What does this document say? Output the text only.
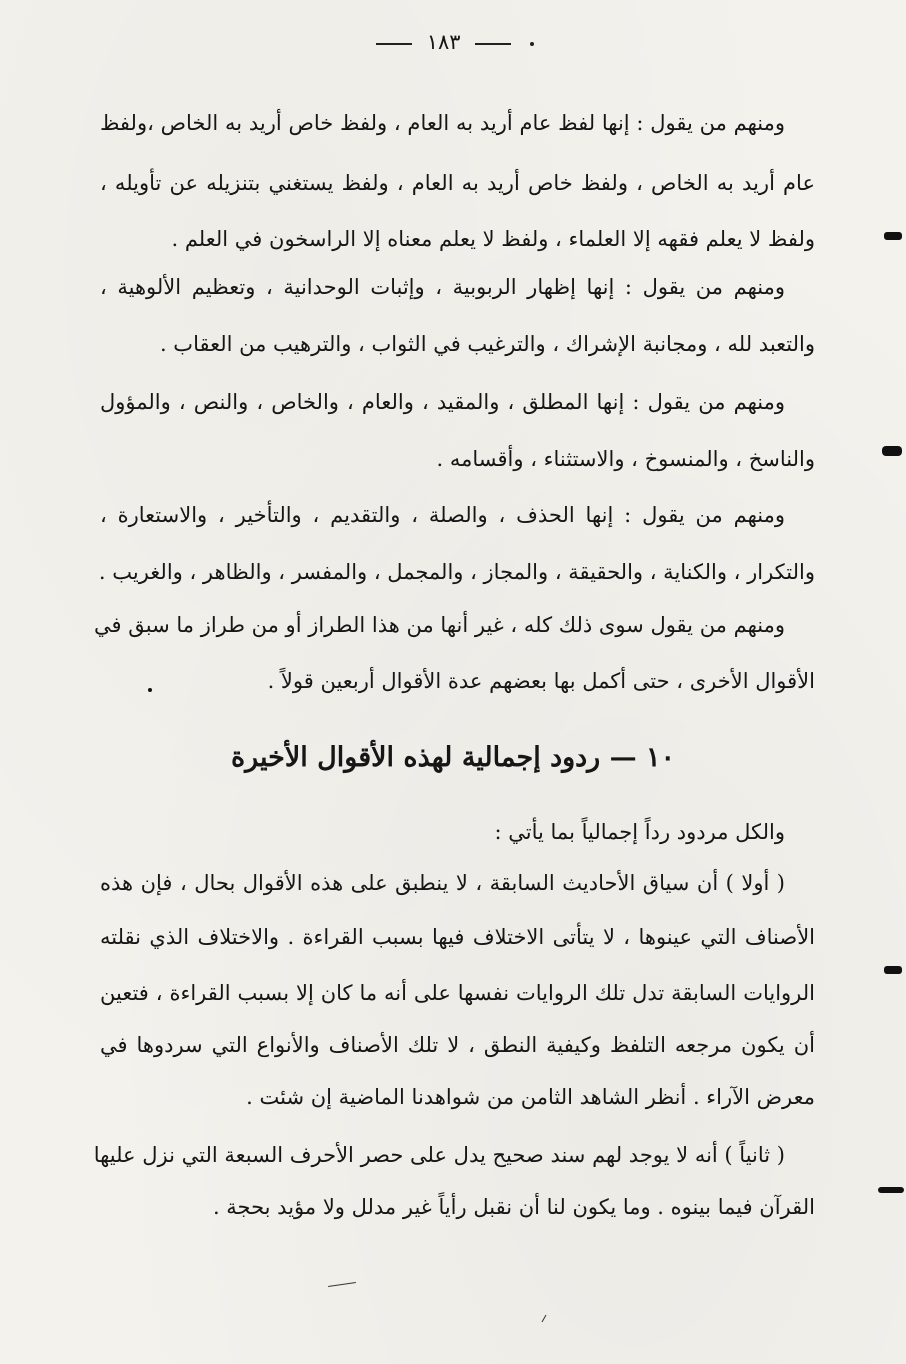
١٨٣
ومنهم من يقول : إنها لفظ عام أريد به العام ، ولفظ خاص أريد به الخاص ،ولفظ
عام أريد به الخاص ، ولفظ خاص أريد به العام ، ولفظ يستغني بتنزيله عن تأويله ،
ولفظ لا يعلم فقهه إلا العلماء ، ولفظ لا يعلم معناه إلا الراسخون في العلم .
ومنهم من يقول : إنها إظهار الربوبية ، وإثبات الوحدانية ، وتعظيم الألوهية ،
والتعبد لله ، ومجانبة الإشراك ، والترغيب في الثواب ، والترهيب من العقاب .
ومنهم من يقول : إنها المطلق ، والمقيد ، والعام ، والخاص ، والنص ، والمؤول
والناسخ ، والمنسوخ ، والاستثناء ، وأقسامه .
ومنهم من يقول : إنها الحذف ، والصلة ، والتقديم ، والتأخير ، والاستعارة ،
والتكرار ، والكناية ، والحقيقة ، والمجاز ، والمجمل ، والمفسر ، والظاهر ، والغريب .
ومنهم من يقول سوى ذلك كله ، غير أنها من هذا الطراز أو من طراز ما سبق في
الأقوال الأخرى ، حتى أكمل بها بعضهم عدة الأقوال أربعين قولاً .
١٠ — ردود إجمالية لهذه الأقوال الأخيرة
والكل مردود رداً إجمالياً بما يأتي :
( أولا ) أن سياق الأحاديث السابقة ، لا ينطبق على هذه الأقوال بحال ، فإن هذه
الأصناف التي عينوها ، لا يتأتى الاختلاف فيها بسبب القراءة . والاختلاف الذي نقلته
الروايات السابقة تدل تلك الروايات نفسها على أنه ما كان إلا بسبب القراءة ، فتعين
أن يكون مرجعه التلفظ وكيفية النطق ، لا تلك الأصناف والأنواع التي سردوها في
معرض الآراء . أنظر الشاهد الثامن من شواهدنا الماضية إن شئت .
( ثانياً ) أنه لا يوجد لهم سند صحيح يدل على حصر الأحرف السبعة التي نزل عليها
القرآن فيما بينوه . وما يكون لنا أن نقبل رأياً غير مدلل ولا مؤيد بحجة .
